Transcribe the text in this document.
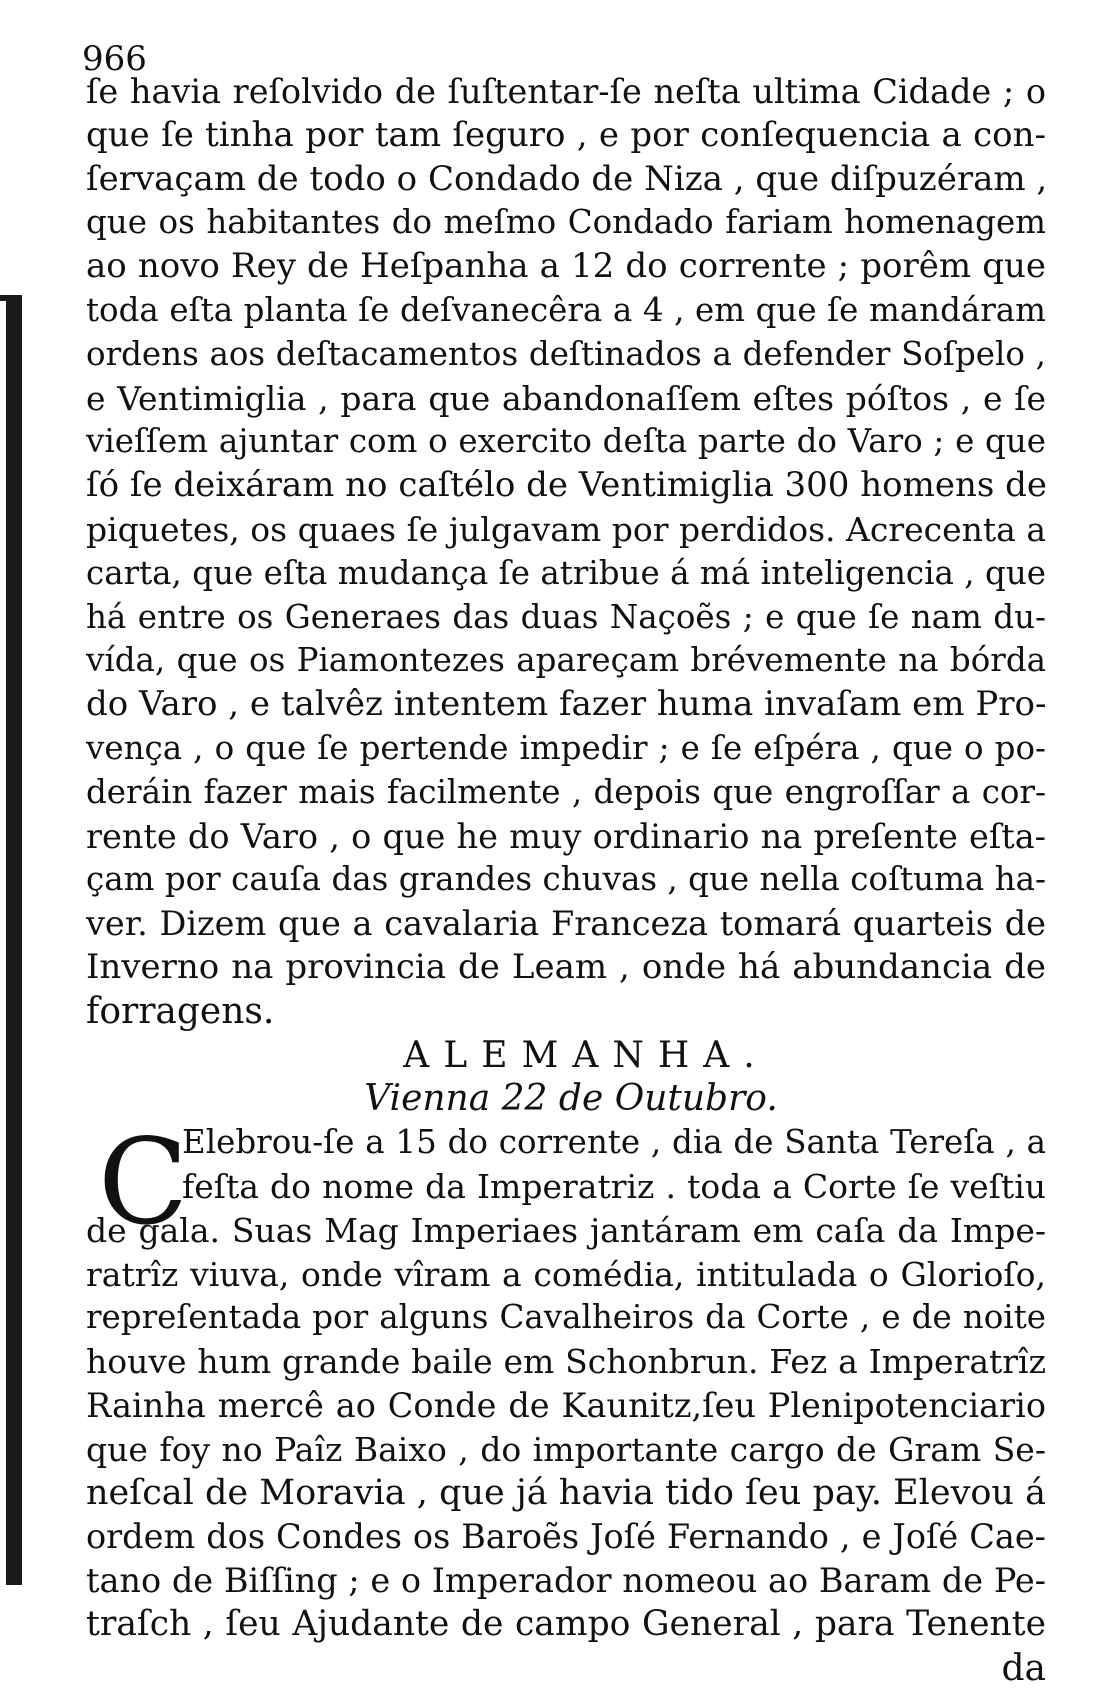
966
ſe havia reſolvido de ſuſtentar-ſe neſta ultima Cidade ; o
que ſe tinha por tam ſeguro , e por conſequencia a con-
ſervaçam de todo o Condado de Niza , que diſpuzéram ,
que os habitantes do meſmo Condado fariam homenagem
ao novo Rey de Heſpanha a 12 do corrente ; porêm que
toda eſta planta ſe deſvanecêra a 4 , em que ſe mandáram
ordens aos deſtacamentos deſtinados a defender Soſpelo ,
e Ventimiglia , para que abandonaſſem eſtes póſtos , e ſe
vieſſem ajuntar com o exercito deſta parte do Varo ; e que
ſó ſe deixáram no caſtélo de Ventimiglia 300 homens de
piquetes, os quaes ſe julgavam por perdidos. Acrecenta a
carta, que eſta mudança ſe atribue á má inteligencia , que
há entre os Generaes das duas Naçoẽs ; e que ſe nam du-
vída, que os Piamontezes apareçam brévemente na bórda
do Varo , e talvêz intentem fazer huma invaſam em Pro-
vença , o que ſe pertende impedir ; e ſe eſpéra , que o po-
deráin fazer mais facilmente , depois que engroſſar a cor-
rente do Varo , o que he muy ordinario na preſente eſta-
çam por cauſa das grandes chuvas , que nella coſtuma ha-
ver. Dizem que a cavalaria Franceza tomará quarteis de
Inverno na provincia de Leam , onde há abundancia de
forragens.
ALEMANHA.
Vienna 22 de Outubro.
C
Elebrou-ſe a 15 do corrente , dia de Santa Tereſa , a
feſta do nome da Imperatriz . toda a Corte ſe veſtiu
de gala. Suas Mag Imperiaes jantáram em caſa da Impe-
ratrîz viuva, onde vîram a comédia, intitulada o Glorioſo,
repreſentada por alguns Cavalheiros da Corte , e de noite
houve hum grande baile em Schonbrun. Fez a Imperatrîz
Rainha mercê ao Conde de Kaunitz,ſeu Plenipotenciario
que foy no Paîz Baixo , do importante cargo de Gram Se-
neſcal de Moravia , que já havia tido ſeu pay. Elevou á
ordem dos Condes os Baroẽs Joſé Fernando , e Joſé Cae-
tano de Biſſing ; e o Imperador nomeou ao Baram de Pe-
traſch , ſeu Ajudante de campo General , para Tenente
da
